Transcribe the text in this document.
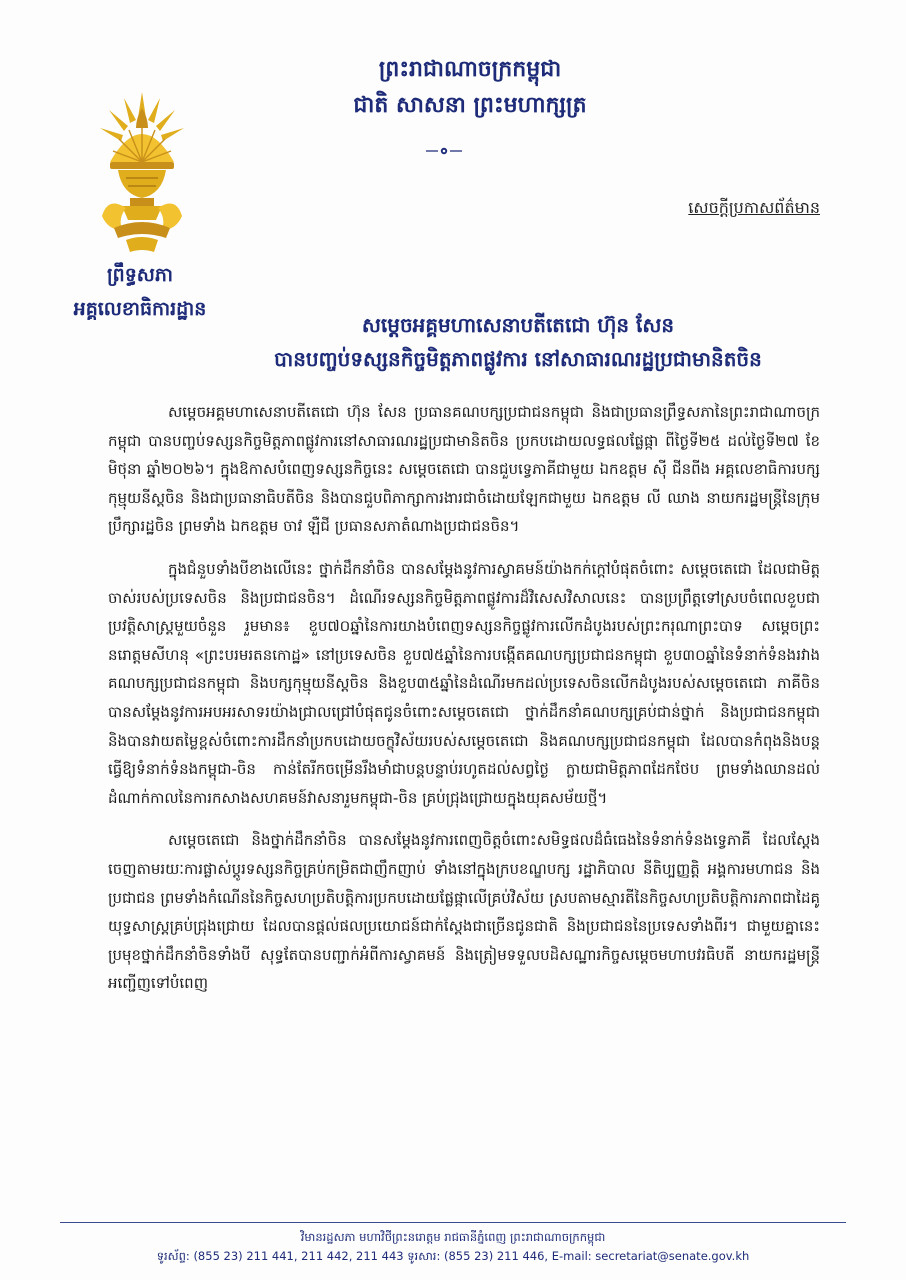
ព្រះរាជាណាចក្រកម្ពុជា
ជាតិ សាសនា ព្រះមហាក្សត្រ
ព្រឹទ្ធសភា
អគ្គលេខាធិការដ្ឋាន
សេចក្ដីប្រកាសព័ត៌មាន
សម្ដេចអគ្គមហាសេនាបតីតេជោ ហ៊ុន សែន
បានបញ្ចប់ទស្សនកិច្ចមិត្តភាពផ្លូវការ នៅសាធារណរដ្ឋប្រជាមានិតចិន

សម្ដេចអគ្គមហាសេនាបតីតេជោ ហ៊ុន សែន ប្រធានគណបក្សប្រជាជនកម្ពុជា និងជាប្រធានព្រឹទ្ធសភានៃព្រះរាជាណាចក្រកម្ពុជា បានបញ្ចប់ទស្សនកិច្ចមិត្តភាពផ្លូវការនៅសាធារណរដ្ឋប្រជាមានិតចិន ប្រកបដោយលទ្ធផលផ្លែផ្កា ពីថ្ងៃទី២៥ ដល់ថ្ងៃទី២៧ ខែមិថុនា ឆ្នាំ២០២៦។ ក្នុងឱកាសបំពេញទស្សនកិច្ចនេះ សម្ដេចតេជោ បានជួបទ្វេភាគីជាមួយ ឯកឧត្ដម ស៊ី ជីនពីង អគ្គលេខាធិការបក្សកុម្មុយនីស្តចិន និងជាប្រធានាធិបតីចិន និងបានជួបពិភាក្សាការងារជាចំដោយឡែកជាមួយ ឯកឧត្ដម លី ឈាង នាយករដ្ឋមន្ត្រីនៃក្រុមប្រឹក្សារដ្ឋចិន ព្រមទាំង ឯកឧត្ដម ចាវ ឡឺជី ប្រធានសភាតំណាងប្រជាជនចិន។

ក្នុងជំនួបទាំងបីខាងលើនេះ ថ្នាក់ដឹកនាំចិន បានសម្ដែងនូវការស្វាគមន៍យ៉ាងកក់ក្ដៅបំផុតចំពោះ សម្ដេចតេជោ ដែលជាមិត្តចាស់របស់ប្រទេសចិន និងប្រជាជនចិន។ ដំណើរទស្សនកិច្ចមិត្តភាពផ្លូវការដ៏វិសេសវិសាលនេះ បានប្រព្រឹត្តទៅស្របចំពេលខួបជាប្រវត្តិសាស្ត្រមួយចំនួន រួមមាន៖ ខួប៧០ឆ្នាំនៃការយាងបំពេញទស្សនកិច្ចផ្លូវការលើកដំបូងរបស់ព្រះករុណាព្រះបាទ សម្ដេចព្រះនរោត្តមសីហនុ «ព្រះបរមរតនកោដ្ឋ» នៅប្រទេសចិន ខួប៧៥ឆ្នាំនៃការបង្កើតគណបក្សប្រជាជនកម្ពុជា ខួប៣០ឆ្នាំនៃទំនាក់ទំនងរវាងគណបក្សប្រជាជនកម្ពុជា និងបក្សកុម្មុយនីស្តចិន និងខួប៣៥ឆ្នាំនៃដំណើរមកដល់ប្រទេសចិនលើកដំបូងរបស់សម្ដេចតេជោ ភាគីចិនបានសម្ដែងនូវការអបអរសាទរយ៉ាងជ្រាលជ្រៅបំផុតជូនចំពោះសម្ដេចតេជោ ថ្នាក់ដឹកនាំគណបក្សគ្រប់ជាន់ថ្នាក់ និងប្រជាជនកម្ពុជា និងបានវាយតម្លៃខ្ពស់ចំពោះការដឹកនាំប្រកបដោយចក្ខុវិស័យរបស់សម្ដេចតេជោ និងគណបក្សប្រជាជនកម្ពុជា ដែលបានកំពុងនិងបន្តធ្វើឱ្យទំនាក់ទំនងកម្ពុជា-ចិន កាន់តែរីកចម្រើនរឹងមាំជាបន្តបន្ទាប់រហូតដល់សព្វថ្ងៃ ក្លាយជាមិត្តភាពដែកថែប ព្រមទាំងឈានដល់ដំណាក់កាលនៃការកសាងសហគមន៍វាសនារួមកម្ពុជា-ចិន គ្រប់ជ្រុងជ្រោយក្នុងយុគសម័យថ្មី។

សម្ដេចតេជោ និងថ្នាក់ដឹកនាំចិន បានសម្ដែងនូវការពេញចិត្តចំពោះសមិទ្ធផលដ៏ធំធេងនៃទំនាក់ទំនងទ្វេភាគី ដែលស្ដែងចេញតាមរយៈការផ្លាស់ប្ដូរទស្សនកិច្ចគ្រប់កម្រិតជាញឹកញាប់ ទាំងនៅក្នុងក្របខណ្ឌបក្ស រដ្ឋាភិបាល នីតិប្បញ្ញត្តិ អង្គការមហាជន និងប្រជាជន ព្រមទាំងកំណើននៃកិច្ចសហប្រតិបត្តិការប្រកបដោយផ្លែផ្កាលើគ្រប់វិស័យ ស្របតាមស្មារតីនៃកិច្ចសហប្រតិបត្តិការភាពជាដៃគូយុទ្ធសាស្ត្រគ្រប់ជ្រុងជ្រោយ ដែលបានផ្ដល់ផលប្រយោជន៍ជាក់ស្ដែងជាច្រើនជូនជាតិ និងប្រជាជននៃប្រទេសទាំងពីរ។ ជាមួយគ្នានេះ ប្រមុខថ្នាក់ដឹកនាំចិនទាំងបី សុទ្ធតែបានបញ្ជាក់អំពីការស្វាគមន៍ និងត្រៀមទទួលបដិសណ្ឋារកិច្ចសម្ដេចមហាបវរធិបតី នាយករដ្ឋមន្ត្រី អញ្ជើញទៅបំពេញ

វិមានរដ្ឋសភា មហាវិថីព្រះនរោត្តម រាជធានីភ្នំពេញ ព្រះរាជាណាចក្រកម្ពុជា
ទូរស័ព្ទ: (855 23) 211 441, 211 442, 211 443 ទូរសារ: (855 23) 211 446, E-mail: secretariat@senate.gov.kh
